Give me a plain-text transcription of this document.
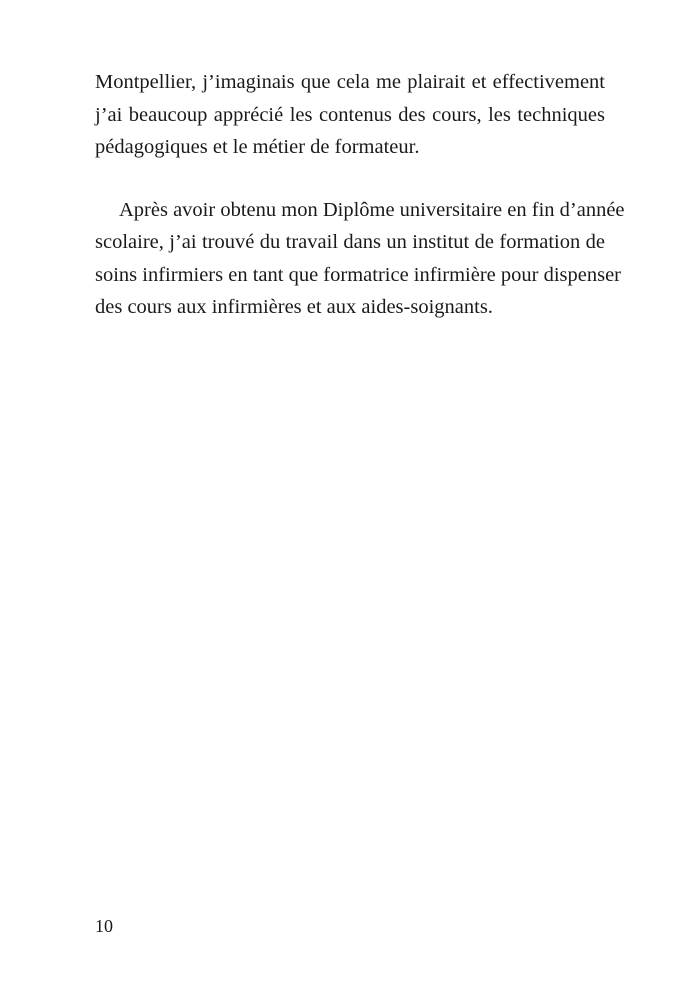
Montpellier, j’imaginais que cela me plairait et effectivement
j’ai beaucoup apprécié les contenus des cours, les techniques
pédagogiques et le métier de formateur.
Après avoir obtenu mon Diplôme universitaire en fin d’année
scolaire, j’ai trouvé du travail dans un institut de formation de
soins infirmiers en tant que formatrice infirmière pour dispenser
des cours aux infirmières et aux aides-soignants.
10
